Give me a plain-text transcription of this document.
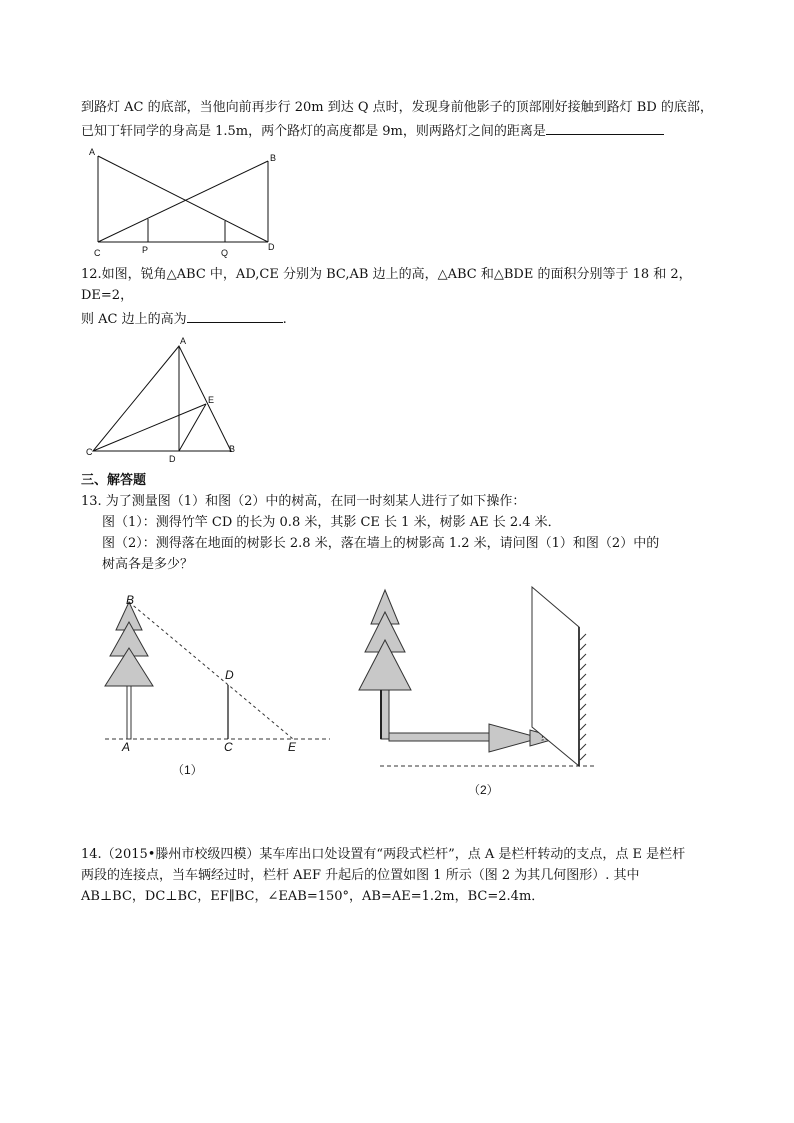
到路灯 AC 的底部，当他向前再步行 20m 到达 Q 点时，发现身前他影子的顶部刚好接触到路灯 BD 的底部，
已知丁轩同学的身高是 1.5m，两个路灯的高度都是 9m，则两路灯之间的距离是
A
B
C
D
P	Q
12.如图，锐角△ABC 中，AD,CE 分别为 BC,AB 边上的高，△ABC 和△BDE 的面积分别等于 18 和 2，
DE=2，
则 AC 边上的高为	.
A
B
C
D
E
三、解答题
13. 为了测量图（1）和图（2）中的树高，在同一时刻某人进行了如下操作：
图（1）：测得竹竿 CD 的长为 0.8 米，其影 CE 长 1 米，树影 AE 长 2.4 米．
图（2）：测得落在地面的树影长 2.8 米，落在墙上的树影高 1.2 米，请问图（1）和图（2）中的
树高各是多少？
B
D
A	C	E
（1）
（2）
14.（2015•滕州市校级四模）某车库出口处设置有“两段式栏杆”，点 A 是栏杆转动的支点，点 E 是栏杆
两段的连接点，当车辆经过时，栏杆 AEF 升起后的位置如图 1 所示（图 2 为其几何图形）. 其中
AB⊥BC，DC⊥BC，EF∥BC，∠EAB=150°，AB=AE=1.2m，BC=2.4m．
